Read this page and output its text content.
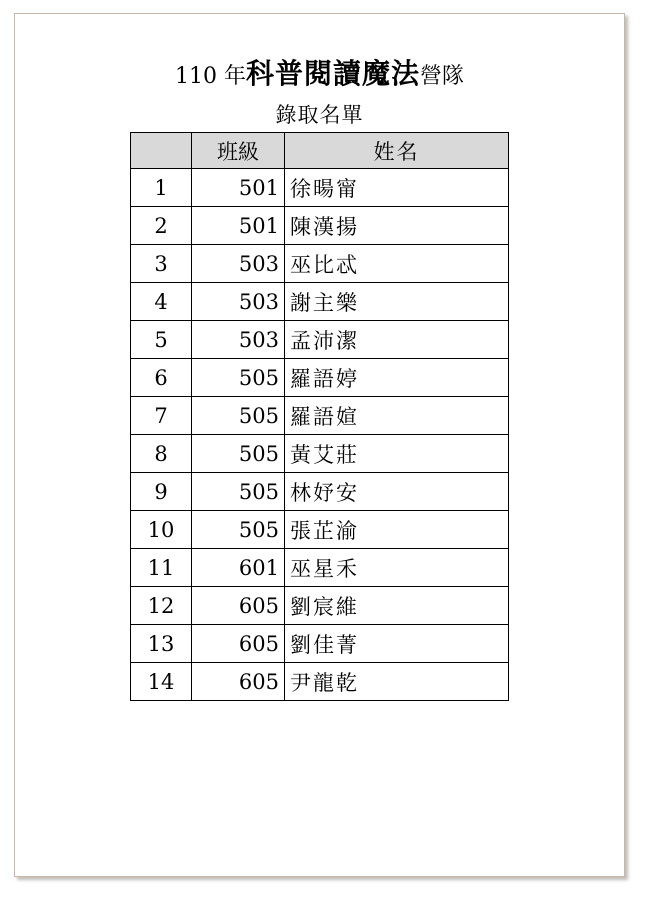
110 年科普閱讀魔法營隊
錄取名單
	班級	姓名
1	501	徐暘甯
2	501	陳漢揚
3	503	巫比忒
4	503	謝主樂
5	503	孟沛潔
6	505	羅語婷
7	505	羅語媗
8	505	黃艾莊
9	505	林妤安
10	505	張芷渝
11	601	巫星禾
12	605	劉宸維
13	605	劉佳菁
14	605	尹龍乾
